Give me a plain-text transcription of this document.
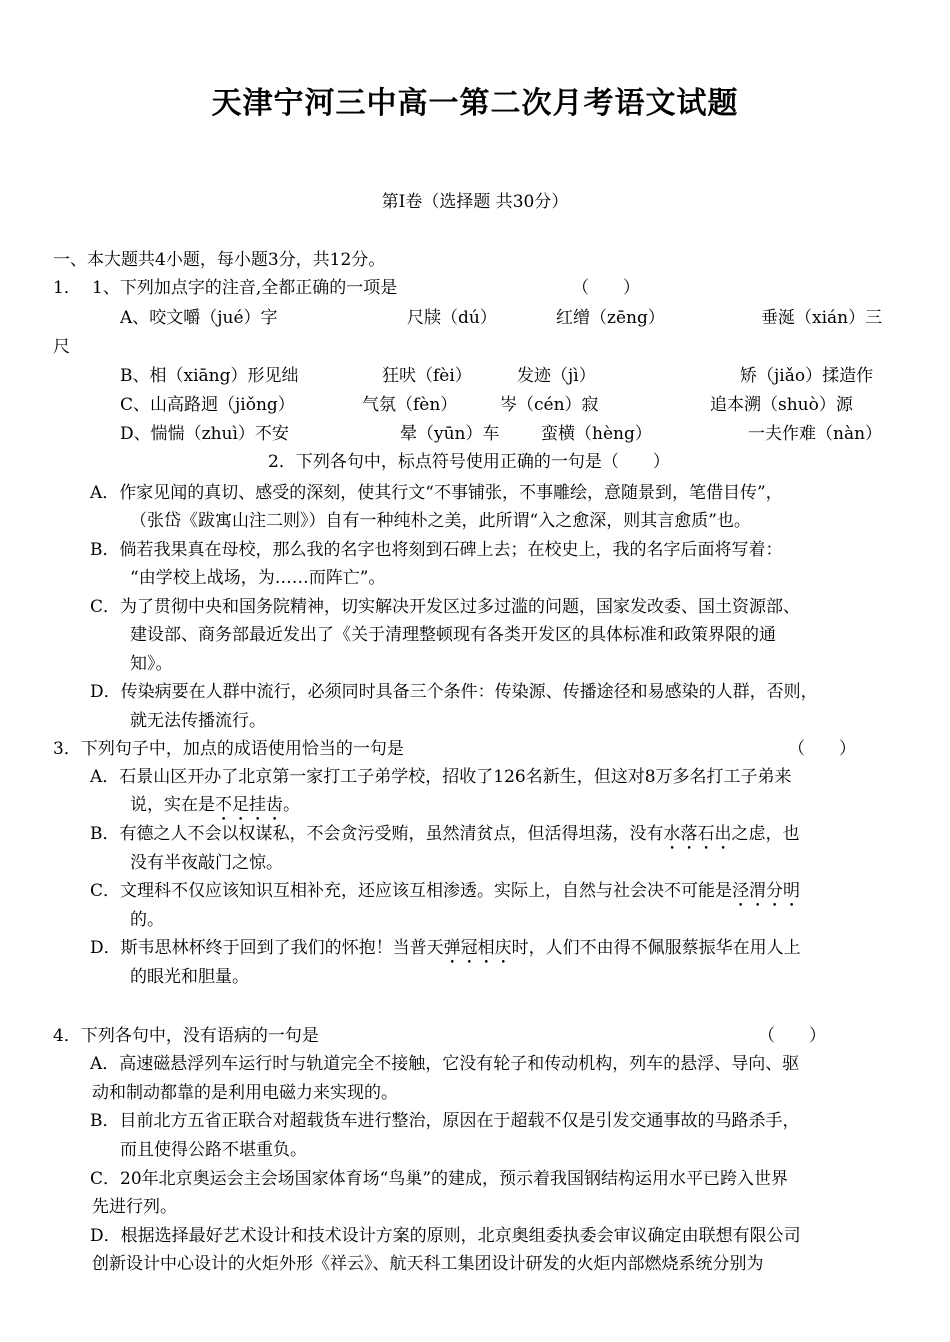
天津宁河三中高一第二次月考语文试题
第Ⅰ卷（选择题 共30分）
一、本大题共4小题，每小题3分，共12分。
1． 1、下列加点字的注音,全都正确的一项是	（　　）
A、咬文嚼（jué）字	尺牍（dú）	红缯（zēng）	垂涎（xián）三
尺
B、相（xiāng）形见绌	狂吠（fèi）	发迹（jì）	矫（jiǎo）揉造作
C、山高路迥（jiǒng）	气氛（fèn）	岑（cén）寂	追本溯（shuò）源
D、惴惴（zhuì）不安	晕（yūn）车 蛮横（hèng）	一夫作难（nàn）
2．下列各句中，标点符号使用正确的一句是（　　）
A．作家见闻的真切、感受的深刻，使其行文“不事铺张，不事雕绘，意随景到，笔借目传”，
（张岱《跋寓山注二则》）自有一种纯朴之美，此所谓“入之愈深，则其言愈质”也。
B．倘若我果真在母校，那么我的名字也将刻到石碑上去；在校史上，我的名字后面将写着：
“由学校上战场，为……而阵亡”。
C．为了贯彻中央和国务院精神，切实解决开发区过多过滥的问题，国家发改委、国土资源部、
建设部、商务部最近发出了《关于清理整顿现有各类开发区的具体标准和政策界限的通
知》。
D．传染病要在人群中流行，必须同时具备三个条件：传染源、传播途径和易感染的人群，否则，
就无法传播流行。
3．下列句子中，加点的成语使用恰当的一句是	（　　）
A．石景山区开办了北京第一家打工子弟学校，招收了126名新生，但这对8万多名打工子弟来
说，实在是不足挂齿。
B．有德之人不会以权谋私，不会贪污受贿，虽然清贫点，但活得坦荡，没有水落石出之虑，也
没有半夜敲门之惊。
C．文理科不仅应该知识互相补充，还应该互相渗透。实际上，自然与社会决不可能是泾渭分明
的。
D．斯韦思林杯终于回到了我们的怀抱！当普天弹冠相庆时，人们不由得不佩服蔡振华在用人上
的眼光和胆量。
4．下列各句中，没有语病的一句是	（　　）
A．高速磁悬浮列车运行时与轨道完全不接触，它没有轮子和传动机构，列车的悬浮、导向、驱
动和制动都靠的是利用电磁力来实现的。
B．目前北方五省正联合对超载货车进行整治，原因在于超载不仅是引发交通事故的马路杀手，
而且使得公路不堪重负。
C．20年北京奥运会主会场国家体育场“鸟巢”的建成，预示着我国钢结构运用水平已跨入世界
先进行列。
D．根据选择最好艺术设计和技术设计方案的原则，北京奥组委执委会审议确定由联想有限公司
创新设计中心设计的火炬外形《祥云》、航天科工集团设计研发的火炬内部燃烧系统分别为
